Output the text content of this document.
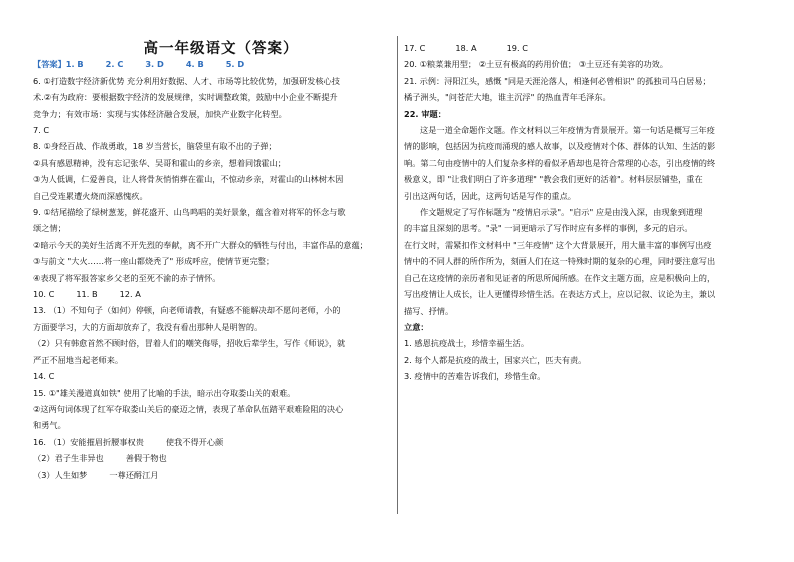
高一年级语文（答案）
【答案】1. B	2. C	3. D	4. B	5. D
6. ①打造数字经济新优势 充分利用好数据、人才、市场等比较优势，加强研发核心技
术.②有为政府：要根据数字经济的发展规律，实时调整政策，鼓励中小企业不断提升
竞争力；有效市场：实现与实体经济融合发展，加快产业数字化转型。
7. C
8. ①身经百战、作战勇敢，18 岁当营长，脑袋里有取不出的子弹；
②具有感恩精神，没有忘记张华、吴哥和霍山的乡亲，想着同饿霍山；
③为人低调，仁爱善良，让人将骨灰悄悄葬在霍山，不惊动乡亲，对霍山的山林树木因
自己受连累遭火烧而深感愧疚。
9. ①结尾描绘了绿树葱茏，鲜花盛开、山鸟鸣唱的美好景象，蕴含着对将军的怀念与歌
颂之情；
②暗示今天的美好生活离不开先烈的奉献，离不开广大群众的牺牲与付出，丰富作品的意蕴；
③与前文 "大火……将一座山都烧秃了" 形成呼应，使情节更完整；
④表现了将军报答家乡父老的至死不渝的赤子情怀。
10. C	11. B	12. A
13. （1）不知句子（如何）停顿，向老师请教，有疑惑不能解决却不愿问老师，小的
方面要学习，大的方面却放弃了，我没有看出那种人是明智的。
（2）只有韩愈首然不顾时俗，冒着人们的嘲笑侮辱，招收后辈学生，写作《师说》，就
严正不屈地当起老师来。
14. C
15. ①"雄关漫道真如铁" 使用了比喻的手法，暗示出夺取娄山关的艰难。
②这两句词体现了红军夺取娄山关后的豪迈之情，表现了革命队伍踏平艰难险阻的决心
和勇气。
16. （1）安能摧眉折腰事权贵	使我不得开心颜
（2）君子生非异也	善假于物也
（3）人生如梦	一尊还酹江月
17. C	18. A	19. C
20. ①粮菜兼用型； ②土豆有极高的药用价值； ③土豆还有美容的功效。
21. 示例：浔阳江头，感慨 "同是天涯沦落人，相逢何必曾相识" 的孤独司马白居易；
橘子洲头，"问苍茫大地，谁主沉浮" 的热血青年毛泽东。
22. 审题：
这是一道全命题作文题。作文材料以三年疫情为背景展开。第一句话是概写三年疫
情的影响，包括因为抗疫而涌现的感人故事，以及疫情对个体、群体的认知、生活的影
响。第二句由疫情中的人们复杂多样的看似矛盾却也是符合常理的心态，引出疫情的终
极意义，即 "让我们明白了许多道理" "教会我们更好的活着"。材料层层铺垫，重在
引出这两句话，因此，这两句话是写作的重点。
作文题规定了写作标题为 "疫情启示录"。"启示" 应是由浅入深，由现象到道理
的丰富且深刻的思考。"录" 一词更暗示了写作时应有多样的事例，多元的启示。
在行文时，需紧扣作文材料中 "三年疫情" 这个大背景展开，用大量丰富的事例写出疫
情中的不同人群的所作所为，刻画人们在这一特殊时期的复杂的心理，同时要注意写出
自己在这疫情的亲历者和见证者的所思所闻所感。在作文主题方面，应是积极向上的，
写出疫情让人成长，让人更懂得珍惜生活。在表达方式上，应以记叙、议论为主，兼以
描写、抒情。
立意：
1. 感恩抗疫战士，珍惜幸福生活。
2. 每个人都是抗疫的战士，国家兴亡，匹夫有责。
3. 疫情中的苦难告诉我们，珍惜生命。
